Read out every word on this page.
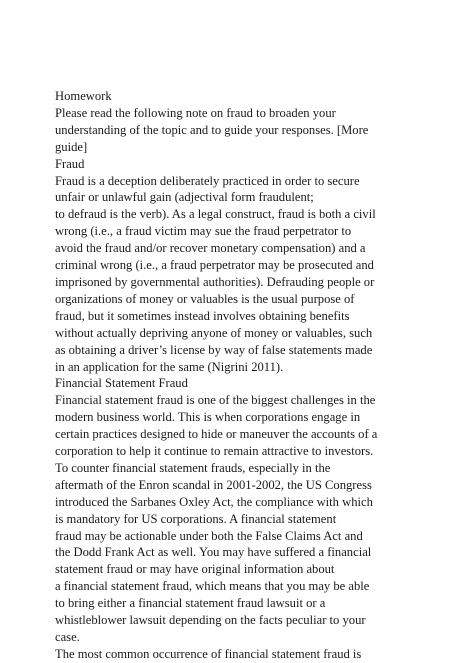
Homework
Please read the following note on fraud to broaden your
understanding of the topic and to guide your responses. [More
guide]
Fraud
Fraud is a deception deliberately practiced in order to secure
unfair or unlawful gain (adjectival form fraudulent;
to defraud is the verb). As a legal construct, fraud is both a civil
wrong (i.e., a fraud victim may sue the fraud perpetrator to
avoid the fraud and/or recover monetary compensation) and a
criminal wrong (i.e., a fraud perpetrator may be prosecuted and
imprisoned by governmental authorities). Defrauding people or
organizations of money or valuables is the usual purpose of
fraud, but it sometimes instead involves obtaining benefits
without actually depriving anyone of money or valuables, such
as obtaining a driver’s license by way of false statements made
in an application for the same (Nigrini 2011).
Financial Statement Fraud
Financial statement fraud is one of the biggest challenges in the
modern business world. This is when corporations engage in
certain practices designed to hide or maneuver the accounts of a
corporation to help it continue to remain attractive to investors.
To counter financial statement frauds, especially in the
aftermath of the Enron scandal in 2001-2002, the US Congress
introduced the Sarbanes Oxley Act, the compliance with which
is mandatory for US corporations. A financial statement
fraud may be actionable under both the False Claims Act and
the Dodd Frank Act as well. You may have suffered a financial
statement fraud or may have original information about
a financial statement fraud, which means that you may be able
to bring either a financial statement fraud lawsuit or a
whistleblower lawsuit depending on the facts peculiar to your
case.
The most common occurrence of financial statement fraud is
